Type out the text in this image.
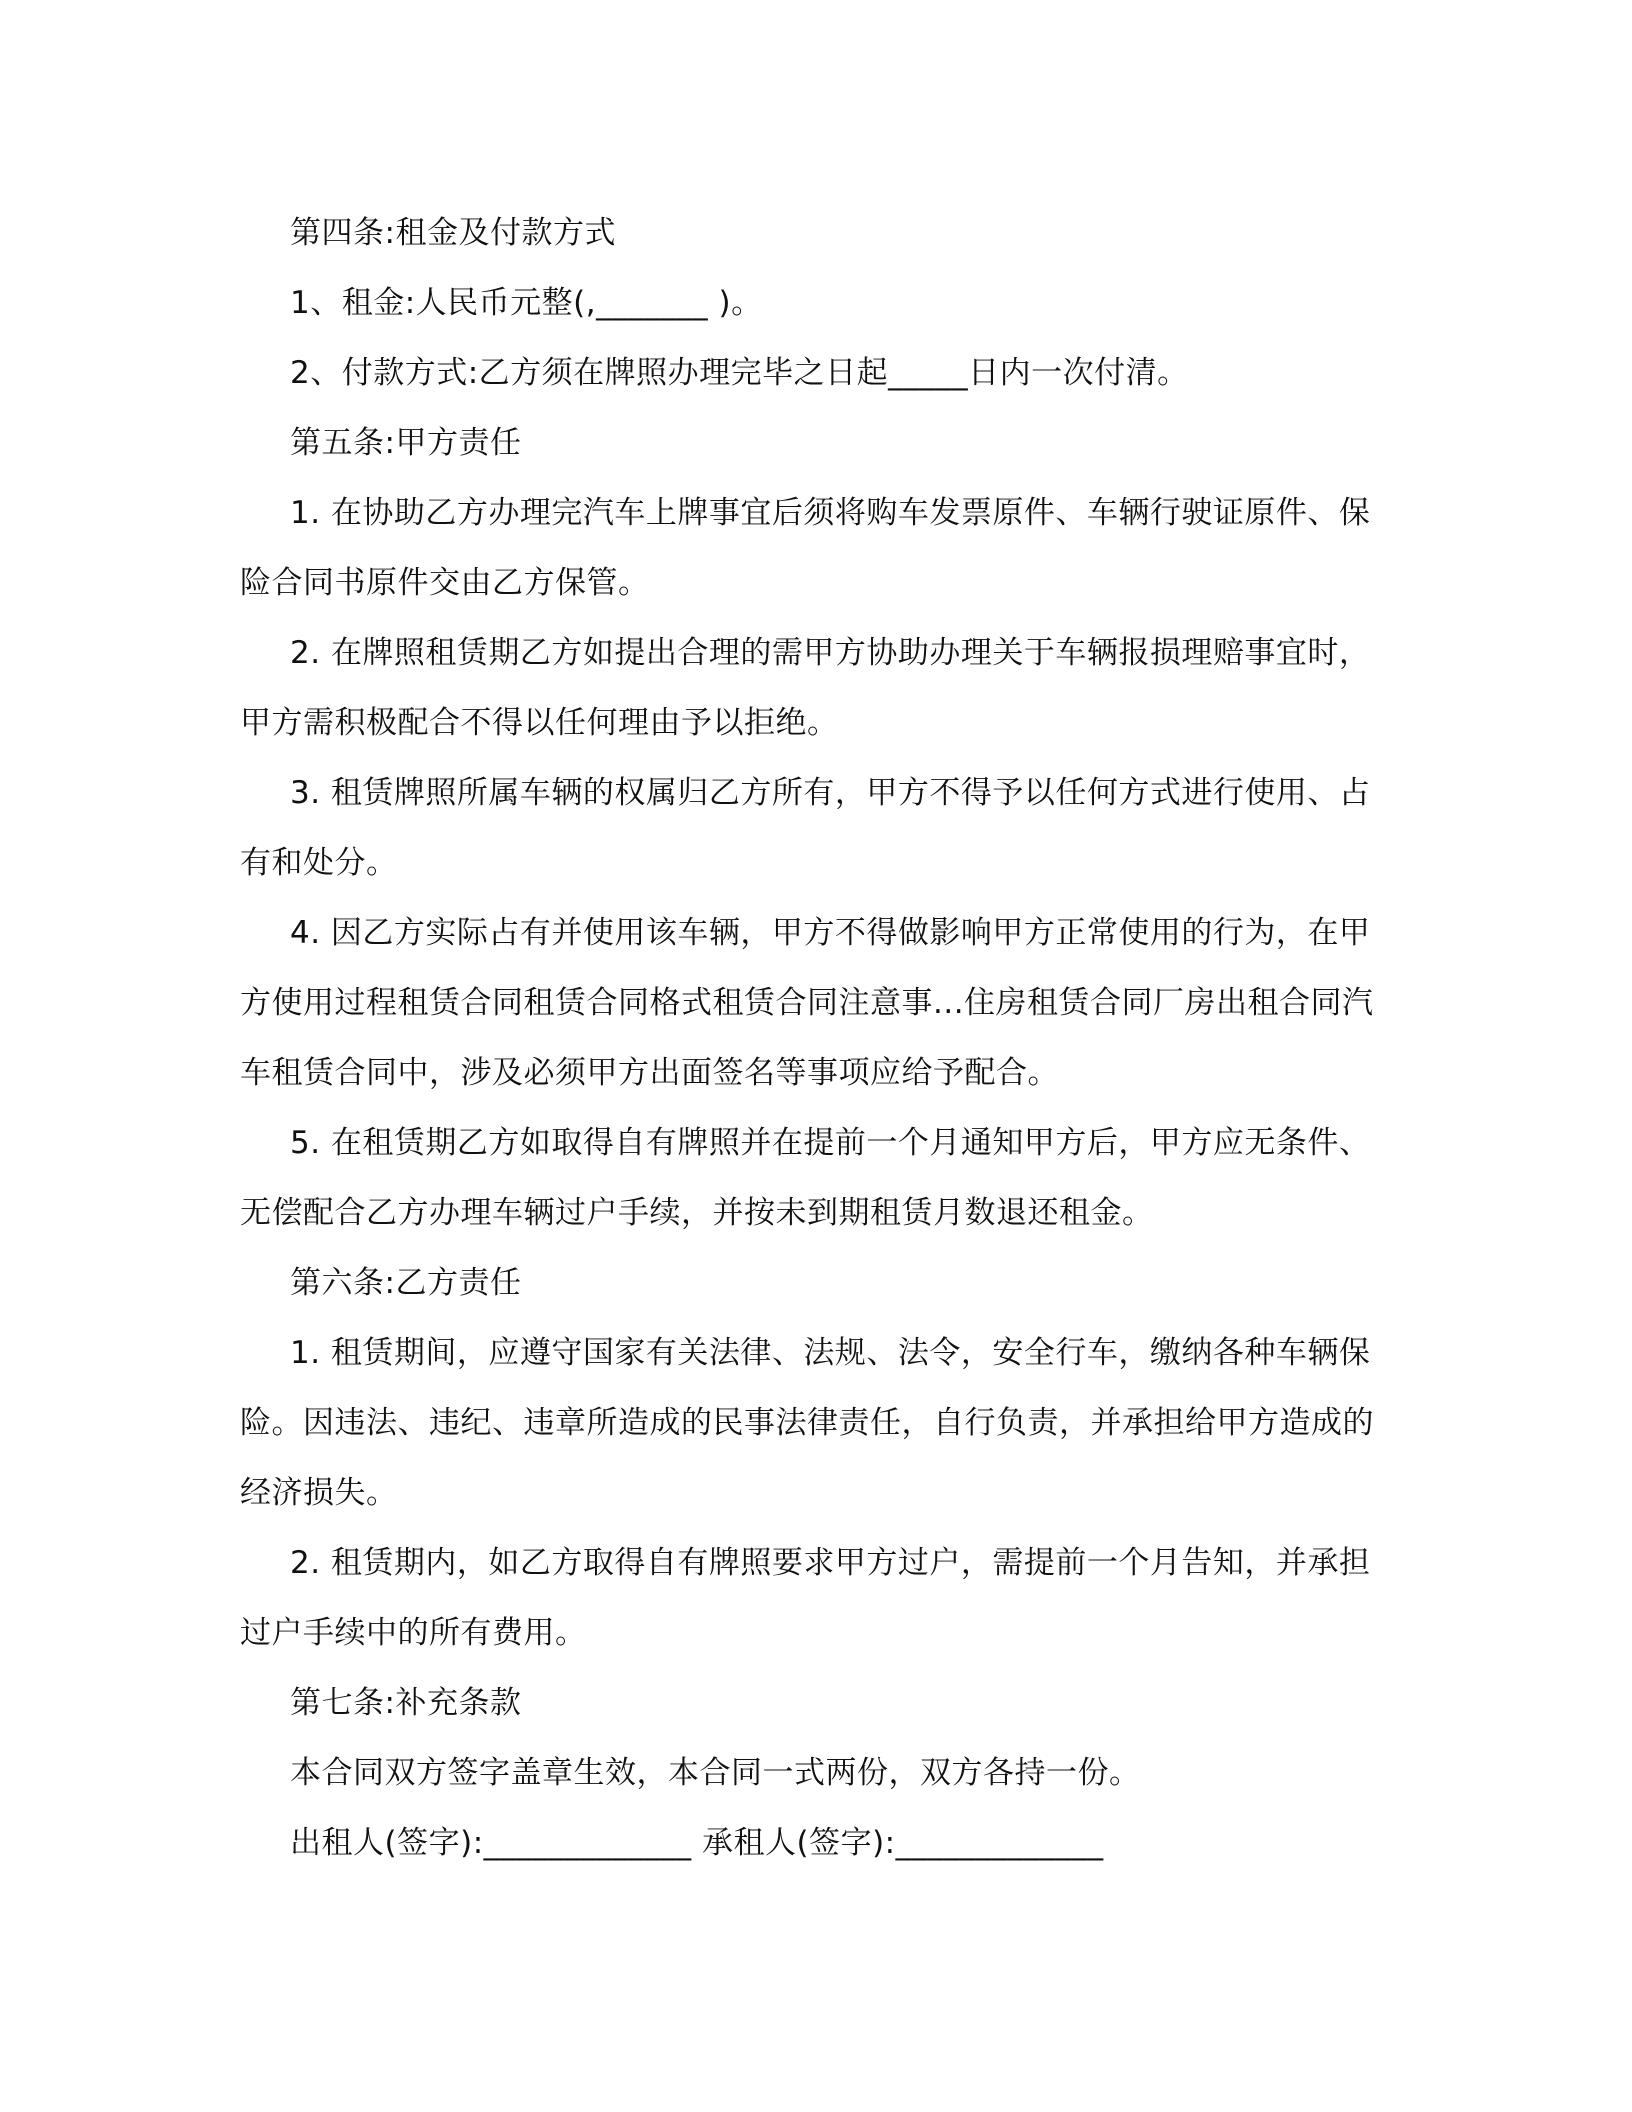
第四条:租金及付款方式

1、租金:人民币元整(,_______ )。

2、付款方式:乙方须在牌照办理完毕之日起_____日内一次付清。

第五条:甲方责任

1. 在协助乙方办理完汽车上牌事宜后须将购车发票原件、车辆行驶证原件、保险合同书原件交由乙方保管。

2. 在牌照租赁期乙方如提出合理的需甲方协助办理关于车辆报损理赔事宜时，甲方需积极配合不得以任何理由予以拒绝。

3. 租赁牌照所属车辆的权属归乙方所有，甲方不得予以任何方式进行使用、占有和处分。

4. 因乙方实际占有并使用该车辆，甲方不得做影响甲方正常使用的行为，在甲方使用过程租赁合同租赁合同格式租赁合同注意事...住房租赁合同厂房出租合同汽车租赁合同中，涉及必须甲方出面签名等事项应给予配合。

5. 在租赁期乙方如取得自有牌照并在提前一个月通知甲方后，甲方应无条件、无偿配合乙方办理车辆过户手续，并按未到期租赁月数退还租金。

第六条:乙方责任

1. 租赁期间，应遵守国家有关法律、法规、法令，安全行车，缴纳各种车辆保险。因违法、违纪、违章所造成的民事法律责任，自行负责，并承担给甲方造成的经济损失。

2. 租赁期内，如乙方取得自有牌照要求甲方过户，需提前一个月告知，并承担过户手续中的所有费用。

第七条:补充条款

本合同双方签字盖章生效，本合同一式两份，双方各持一份。

出租人(签字):_____________ 承租人(签字):_____________
